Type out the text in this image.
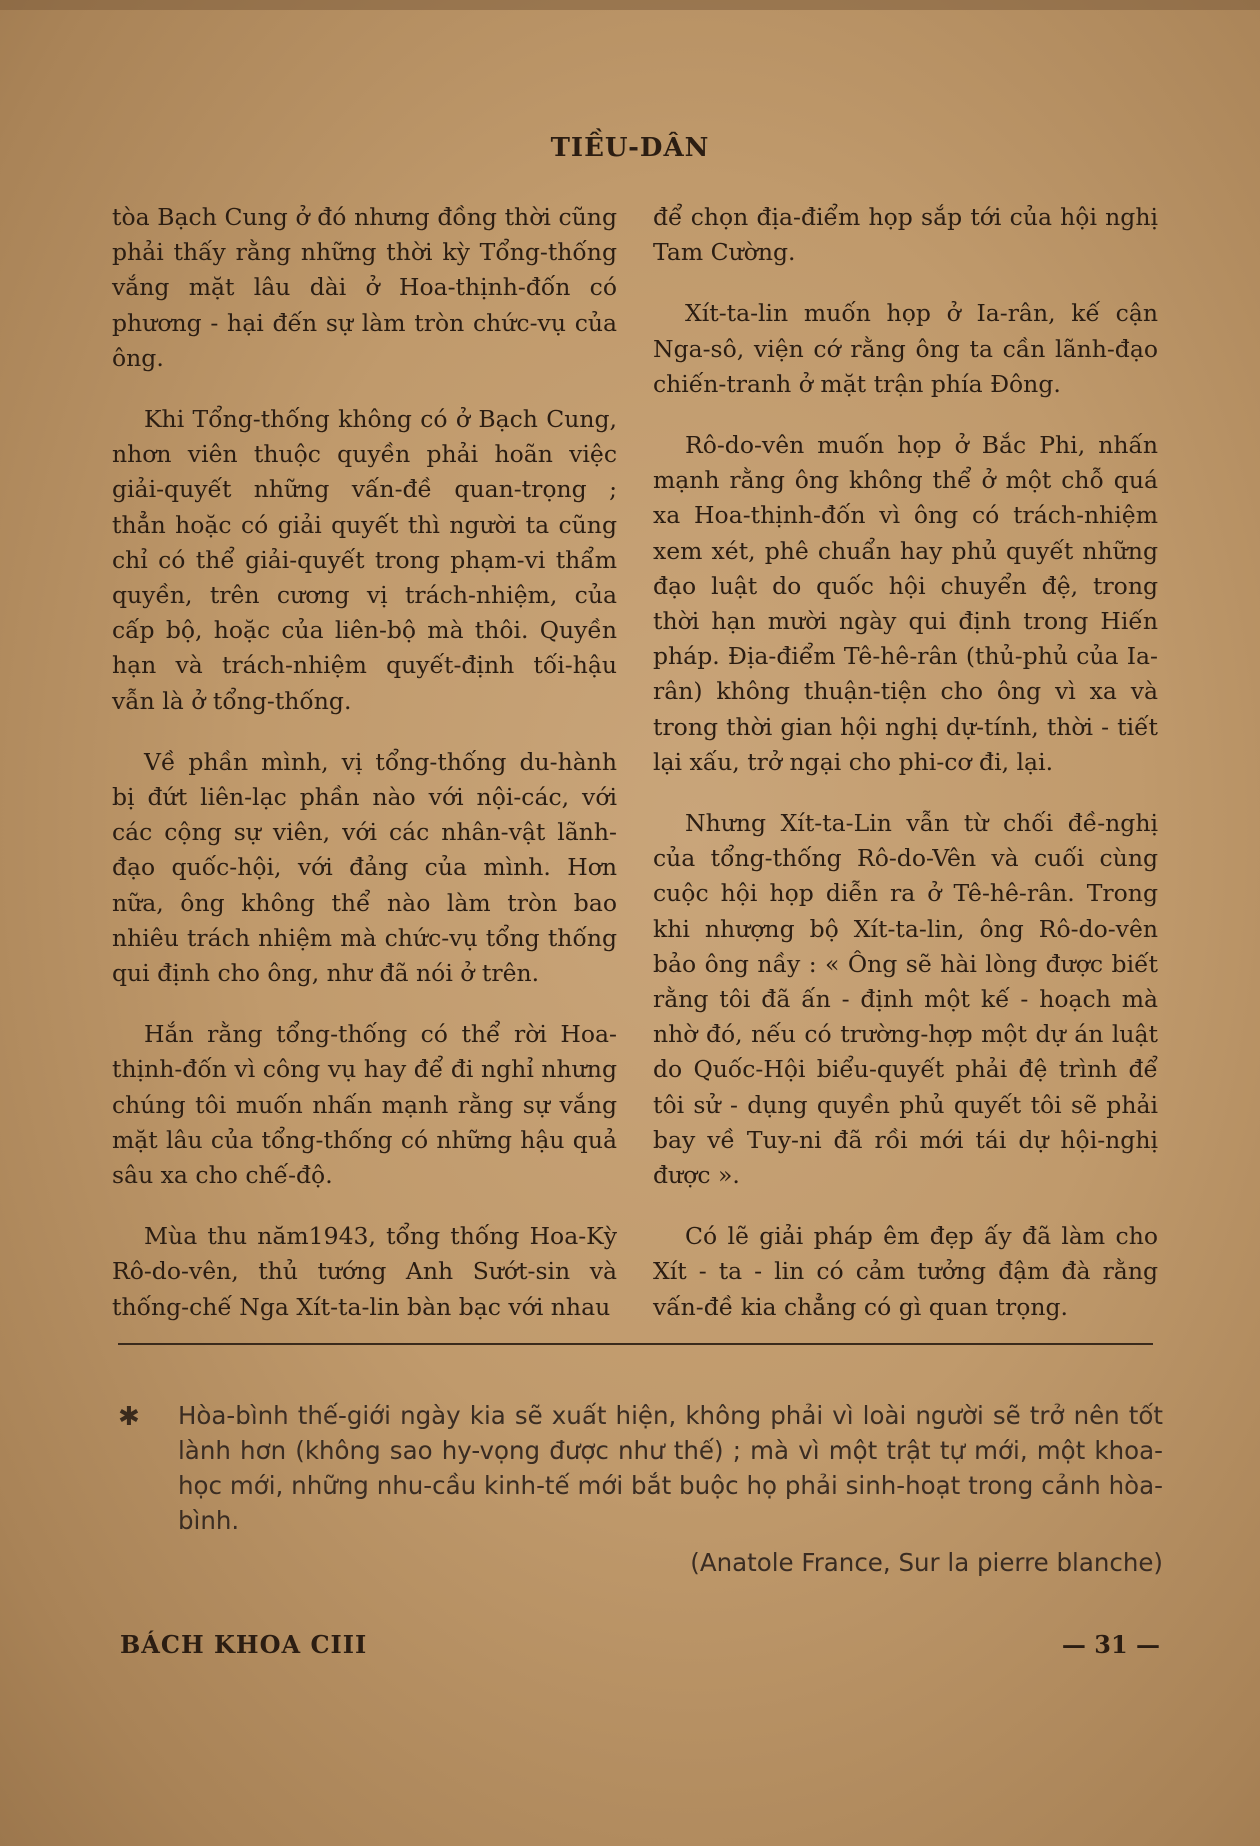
TIỀU-DÂN

tòa Bạch Cung ở đó nhưng đồng thời cũng phải thấy rằng những thời kỳ Tổng-thống vắng mặt lâu dài ở Hoa-thịnh-đốn có phương - hại đến sự làm tròn chức-vụ của ông.

Khi Tổng-thống không có ở Bạch Cung, nhơn viên thuộc quyền phải hoãn việc giải-quyết những vấn-đề quan-trọng ; thẳn hoặc có giải quyết thì người ta cũng chỉ có thể giải-quyết trong phạm-vi thẩm quyền, trên cương vị trách-nhiệm, của cấp bộ, hoặc của liên-bộ mà thôi. Quyền hạn và trách-nhiệm quyết-định tối-hậu vẫn là ở tổng-thống.

Về phần mình, vị tổng-thống du-hành bị đứt liên-lạc phần nào với nội-các, với các cộng sự viên, với các nhân-vật lãnh-đạo quốc-hội, với đảng của mình. Hơn nữa, ông không thể nào làm tròn bao nhiêu trách nhiệm mà chức-vụ tổng thống qui định cho ông, như đã nói ở trên.

Hắn rằng tổng-thống có thể rời Hoa-thịnh-đốn vì công vụ hay để đi nghỉ nhưng chúng tôi muốn nhấn mạnh rằng sự vắng mặt lâu của tổng-thống có những hậu quả sâu xa cho chế-độ.

Mùa thu năm1943, tổng thống Hoa-Kỳ Rô-do-vên, thủ tướng Anh Sướt-sin và thống-chế Nga Xít-ta-lin bàn bạc với nhau

để chọn địa-điểm họp sắp tới của hội nghị Tam Cường.

Xít-ta-lin muốn họp ở Ia-rân, kế cận Nga-sô, viện cớ rằng ông ta cần lãnh-đạo chiến-tranh ở mặt trận phía Đông.

Rô-do-vên muốn họp ở Bắc Phi, nhấn mạnh rằng ông không thể ở một chỗ quá xa Hoa-thịnh-đốn vì ông có trách-nhiệm xem xét, phê chuẩn hay phủ quyết những đạo luật do quốc hội chuyển đệ, trong thời hạn mười ngày qui định trong Hiến pháp. Địa-điểm Tê-hê-rân (thủ-phủ của Ia-rân) không thuận-tiện cho ông vì xa và trong thời gian hội nghị dự-tính, thời - tiết lại xấu, trở ngại cho phi-cơ đi, lại.

Nhưng Xít-ta-Lin vẫn từ chối đề-nghị của tổng-thống Rô-do-Vên và cuối cùng cuộc hội họp diễn ra ở Tê-hê-rân. Trong khi nhượng bộ Xít-ta-lin, ông Rô-do-vên bảo ông nầy : « Ông sẽ hài lòng được biết rằng tôi đã ấn - định một kế - hoạch mà nhờ đó, nếu có trường-hợp một dự án luật do Quốc-Hội biểu-quyết phải đệ trình để tôi sử - dụng quyền phủ quyết tôi sẽ phải bay về Tuy-ni đã rồi mới tái dự hội-nghị được ».

Có lẽ giải pháp êm đẹp ấy đã làm cho Xít - ta - lin có cảm tưởng đậm đà rằng vấn-đề kia chẳng có gì quan trọng.

✱ Hòa-bình thế-giới ngày kia sẽ xuất hiện, không phải vì loài người sẽ trở nên tốt lành hơn (không sao hy-vọng được như thế) ; mà vì một trật tự mới, một khoa-học mới, những nhu-cầu kinh-tế mới bắt buộc họ phải sinh-hoạt trong cảnh hòa-bình.
(Anatole France, Sur la pierre blanche)
BÁCH KHOA CIII	— 31 —
